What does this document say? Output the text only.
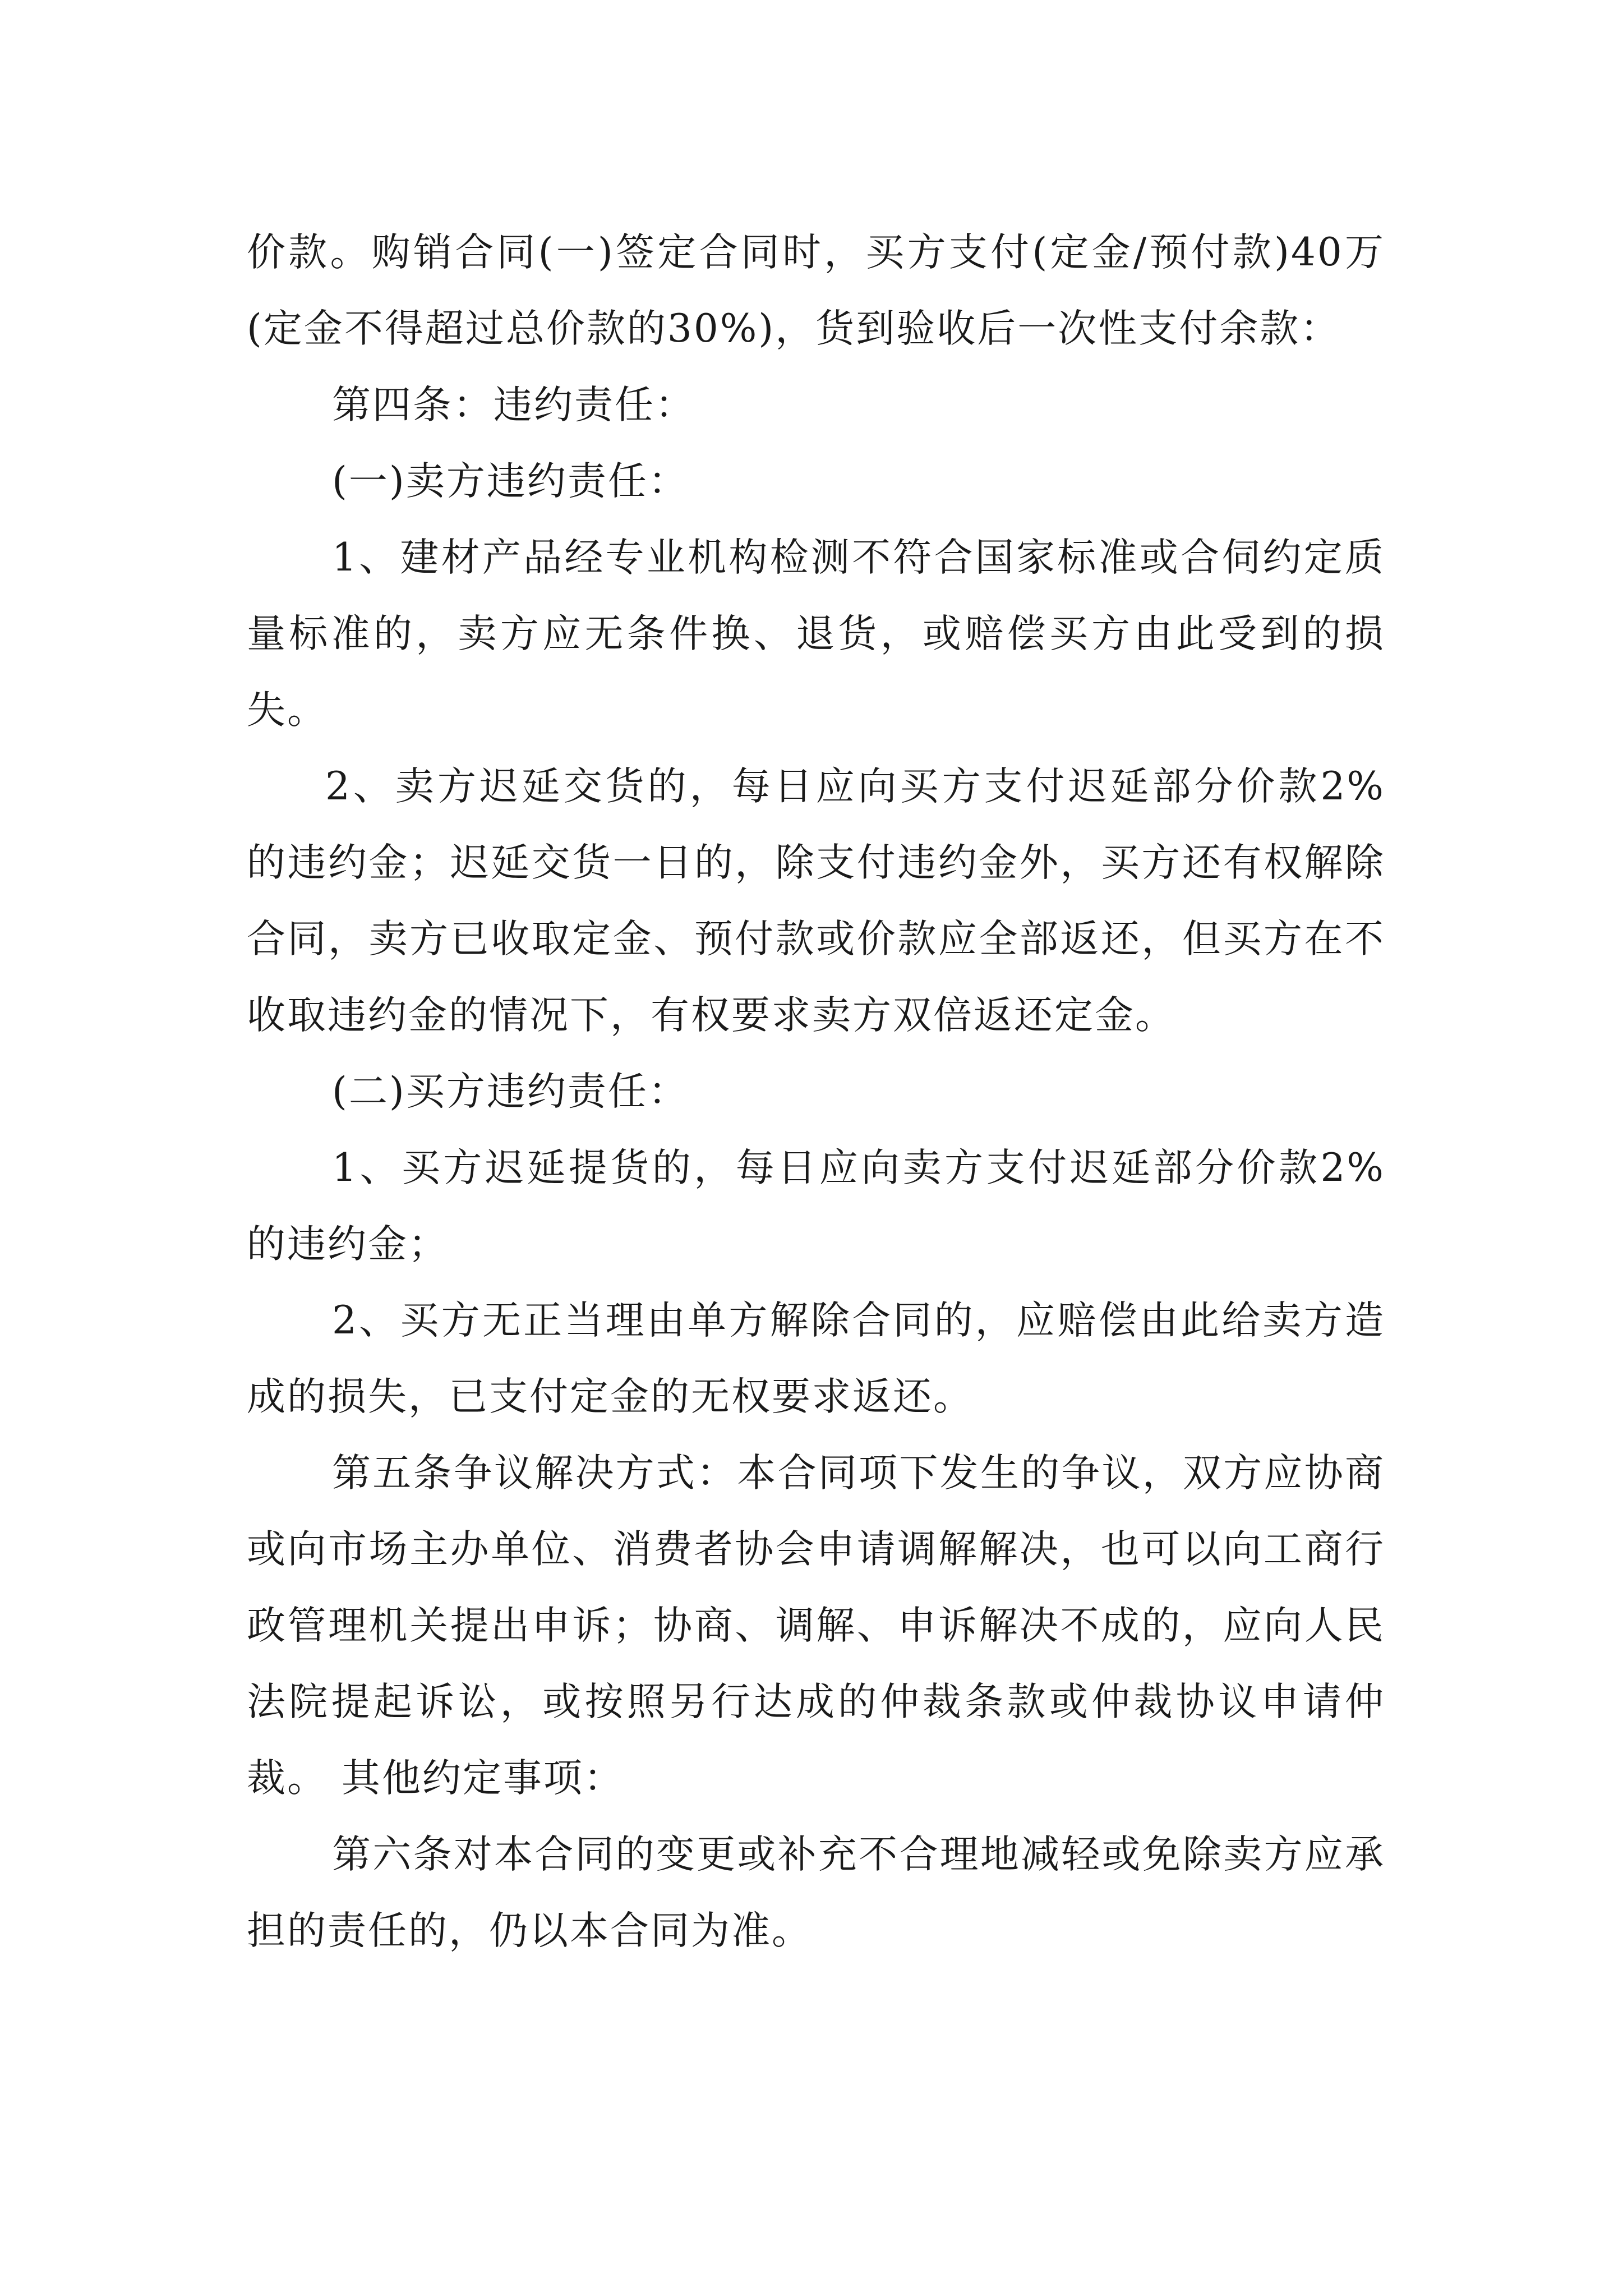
价款。购销合同(一)签定合同时，买方支付(定金/预付款)40万(定金不得超过总价款的30%)，货到验收后一次性支付余款：

第四条：违约责任：

(一)卖方违约责任：

1、建材产品经专业机构检测不符合国家标准或合伺约定质量标准的，卖方应无条件换、退货，或赔偿买方由此受到的损失。

2、卖方迟延交货的，每日应向买方支付迟延部分价款2%的违约金；迟延交货一日的，除支付违约金外，买方还有权解除合同，卖方已收取定金、预付款或价款应全部返还，但买方在不收取违约金的情况下，有权要求卖方双倍返还定金。

(二)买方违约责任：

1、买方迟延提货的，每日应向卖方支付迟延部分价款2%的违约金；

2、买方无正当理由单方解除合同的，应赔偿由此给卖方造成的损失，已支付定金的无权要求返还。

第五条争议解决方式：本合同项下发生的争议，双方应协商或向市场主办单位、消费者协会申请调解解决，也可以向工商行政管理机关提出申诉；协商、调解、申诉解决不成的，应向人民法院提起诉讼，或按照另行达成的仲裁条款或仲裁协议申请仲裁。 其他约定事项：

第六条对本合同的变更或补充不合理地减轻或免除卖方应承担的责任的，仍以本合同为准。
